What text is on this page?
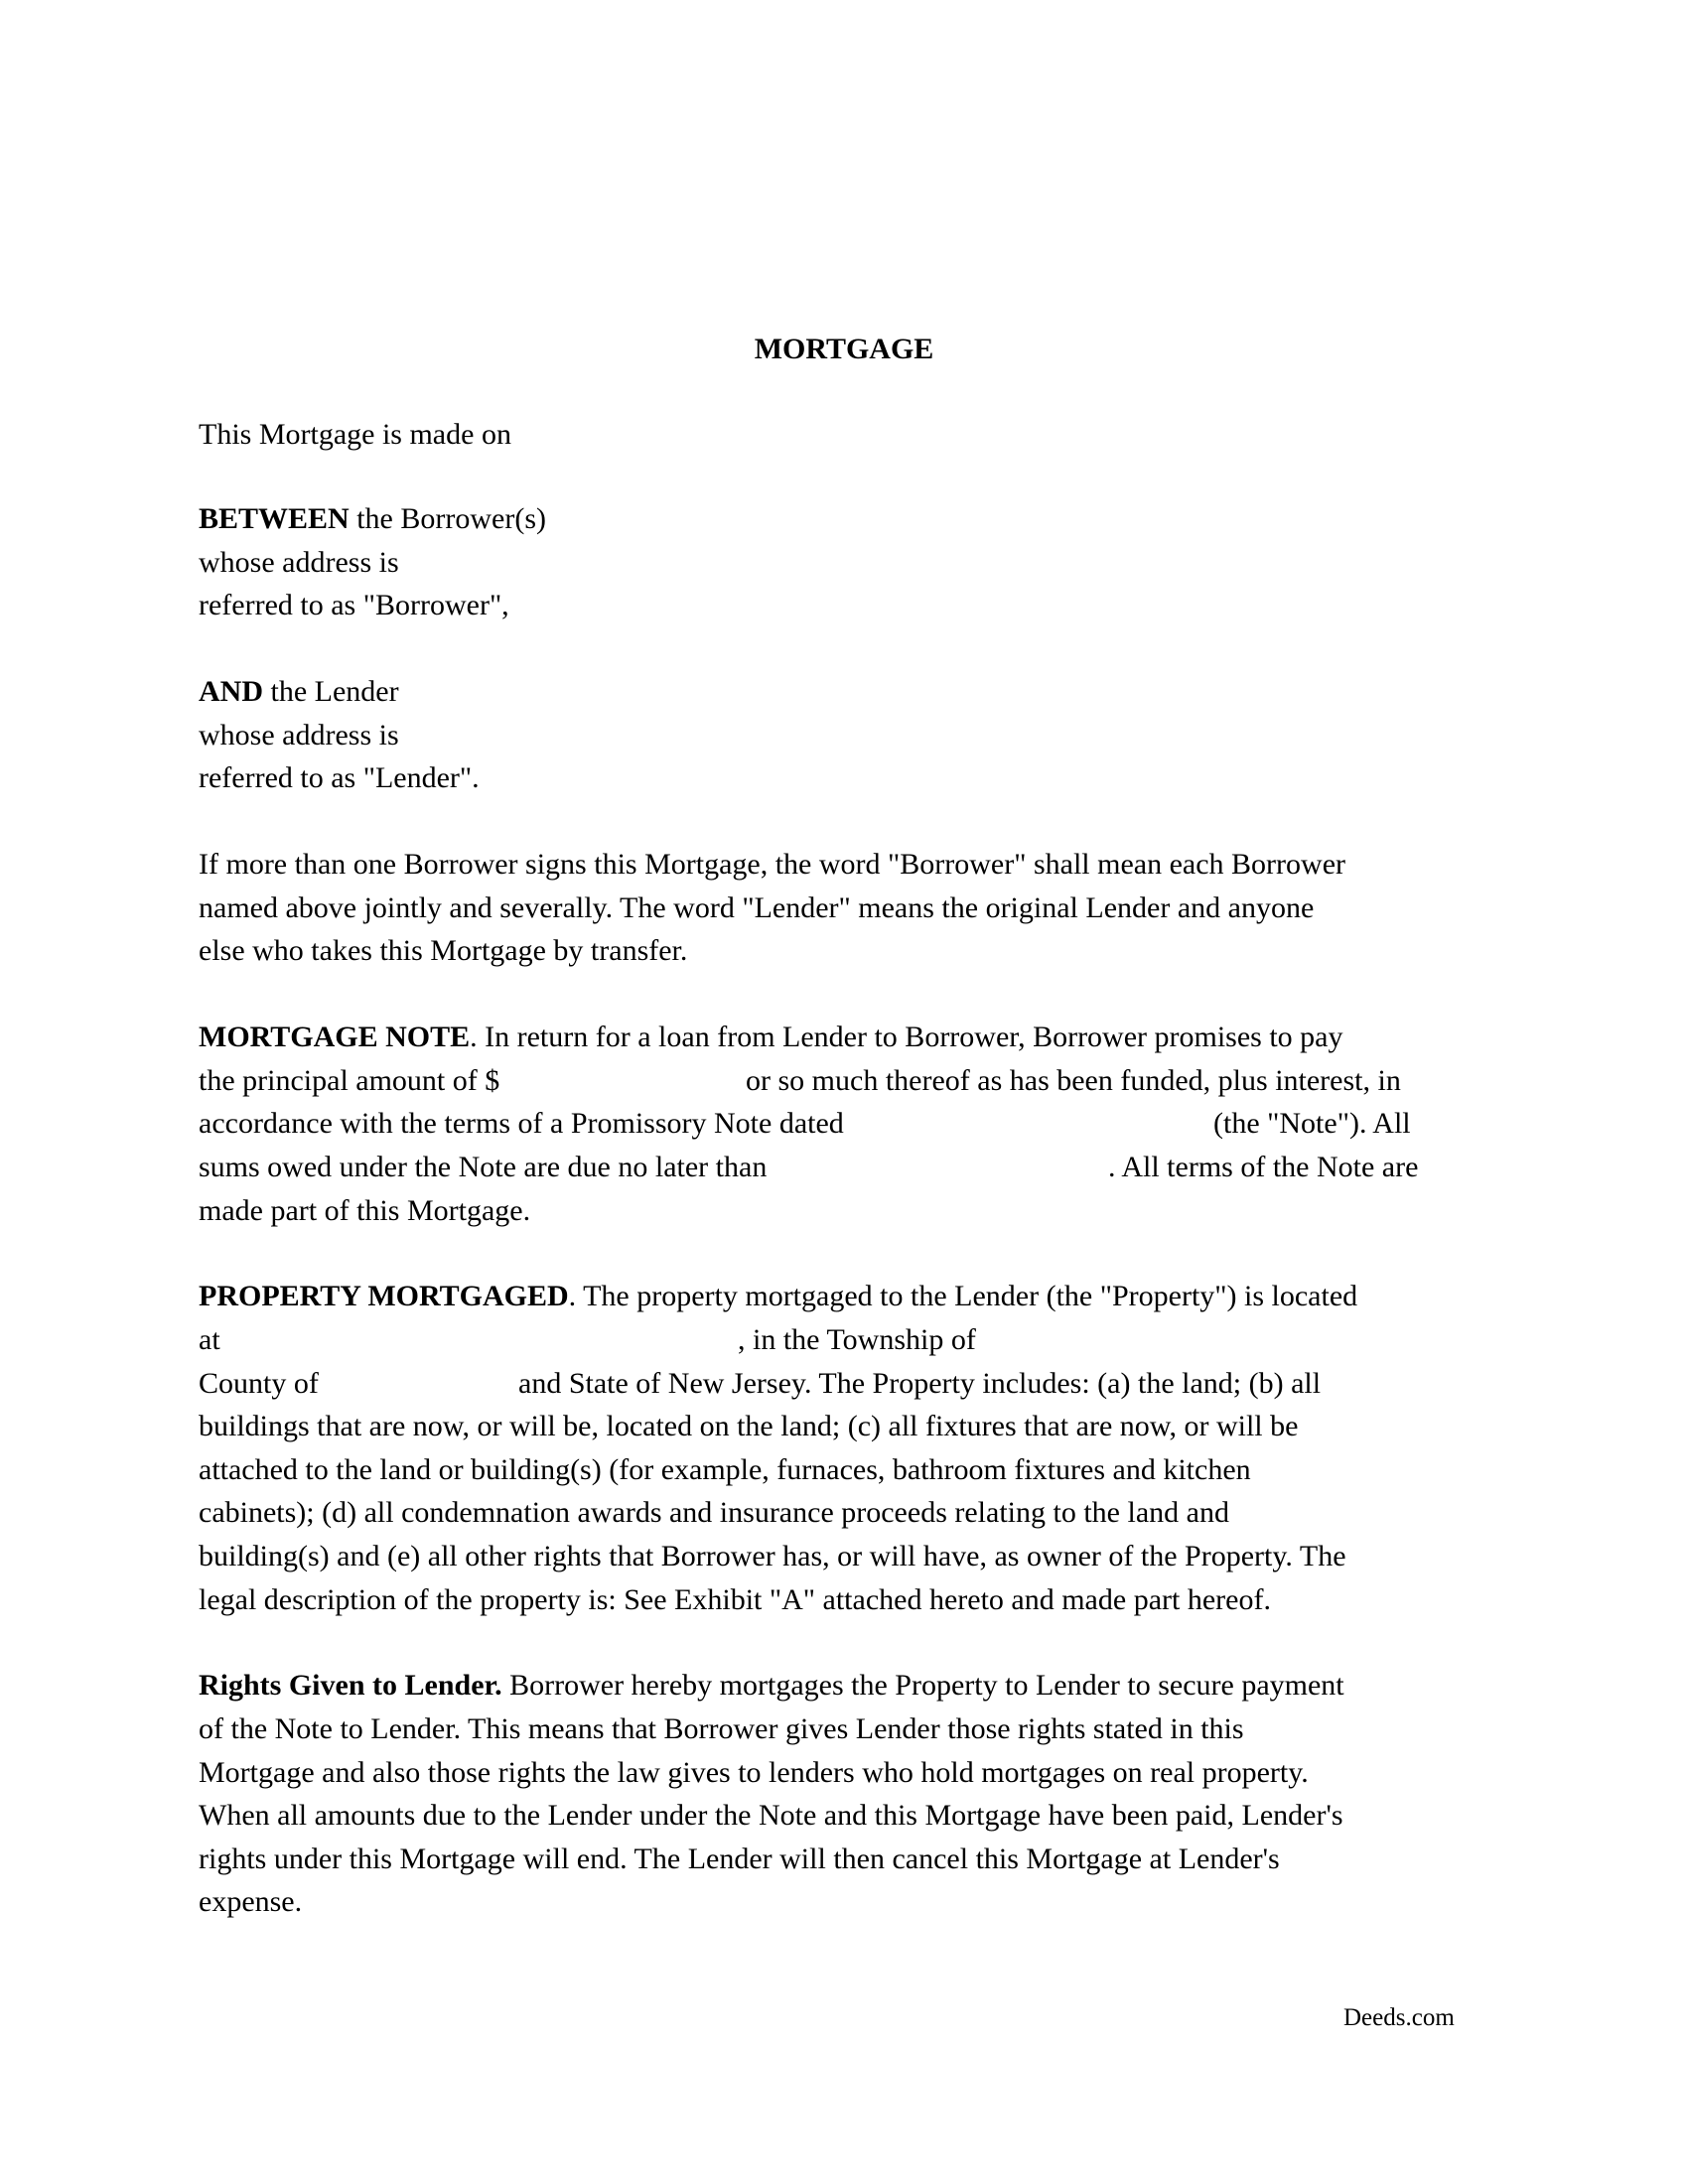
MORTGAGE
This Mortgage is made on
BETWEEN the Borrower(s)
whose address is
referred to as "Borrower",
AND the Lender
whose address is
referred to as "Lender".
If more than one Borrower signs this Mortgage, the word "Borrower" shall mean each Borrower
named above jointly and severally. The word "Lender" means the original Lender and anyone
else who takes this Mortgage by transfer.
MORTGAGE NOTE. In return for a loan from Lender to Borrower, Borrower promises to pay
the principal amount of $	or so much thereof as has been funded, plus interest, in
accordance with the terms of a Promissory Note dated	(the "Note"). All
sums owed under the Note are due no later than	. All terms of the Note are
made part of this Mortgage.
PROPERTY MORTGAGED. The property mortgaged to the Lender (the "Property") is located
at	, in the Township of
County of	and State of New Jersey. The Property includes: (a) the land; (b) all
buildings that are now, or will be, located on the land; (c) all fixtures that are now, or will be
attached to the land or building(s) (for example, furnaces, bathroom fixtures and kitchen
cabinets); (d) all condemnation awards and insurance proceeds relating to the land and
building(s) and (e) all other rights that Borrower has, or will have, as owner of the Property. The
legal description of the property is: See Exhibit "A" attached hereto and made part hereof.
Rights Given to Lender. Borrower hereby mortgages the Property to Lender to secure payment
of the Note to Lender. This means that Borrower gives Lender those rights stated in this
Mortgage and also those rights the law gives to lenders who hold mortgages on real property.
When all amounts due to the Lender under the Note and this Mortgage have been paid, Lender's
rights under this Mortgage will end. The Lender will then cancel this Mortgage at Lender's
expense.
Deeds.com
